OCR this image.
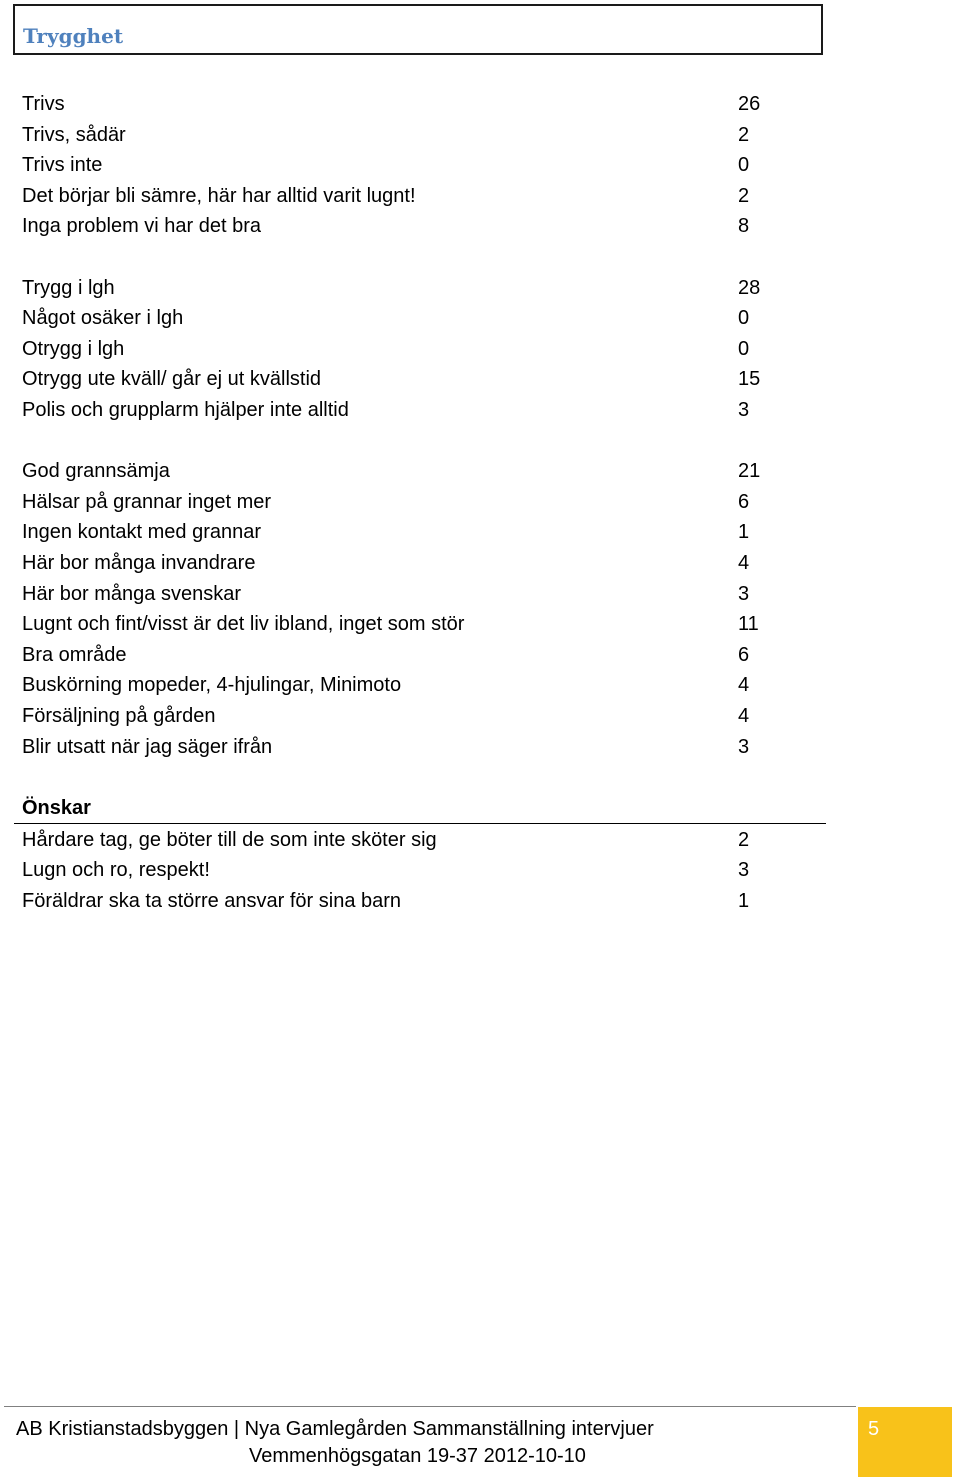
Trygghet
Trivs	26
Trivs, sådär	2
Trivs inte	0
Det börjar bli sämre, här har alltid varit lugnt!	2
Inga problem vi har det bra	8
Trygg i lgh	28
Något osäker i lgh	0
Otrygg i lgh	0
Otrygg ute kväll/ går ej ut kvällstid	15
Polis och grupplarm hjälper inte alltid	3
God grannsämja	21
Hälsar på grannar inget mer	6
Ingen kontakt med grannar	1
Här bor många invandrare	4
Här bor många svenskar	3
Lugnt och fint/visst är det liv ibland, inget som stör	11
Bra område	6
Buskörning mopeder, 4-hjulingar, Minimoto	4
Försäljning på gården	4
Blir utsatt när jag säger ifrån	3
Önskar
Hårdare tag, ge böter till de som inte sköter sig	2
Lugn och ro, respekt!	3
Föräldrar ska ta större ansvar för sina barn	1
AB Kristianstadsbyggen | Nya Gamlegården Sammanställning intervjuer
Vemmenhögsgatan 19-37 2012-10-10
5
